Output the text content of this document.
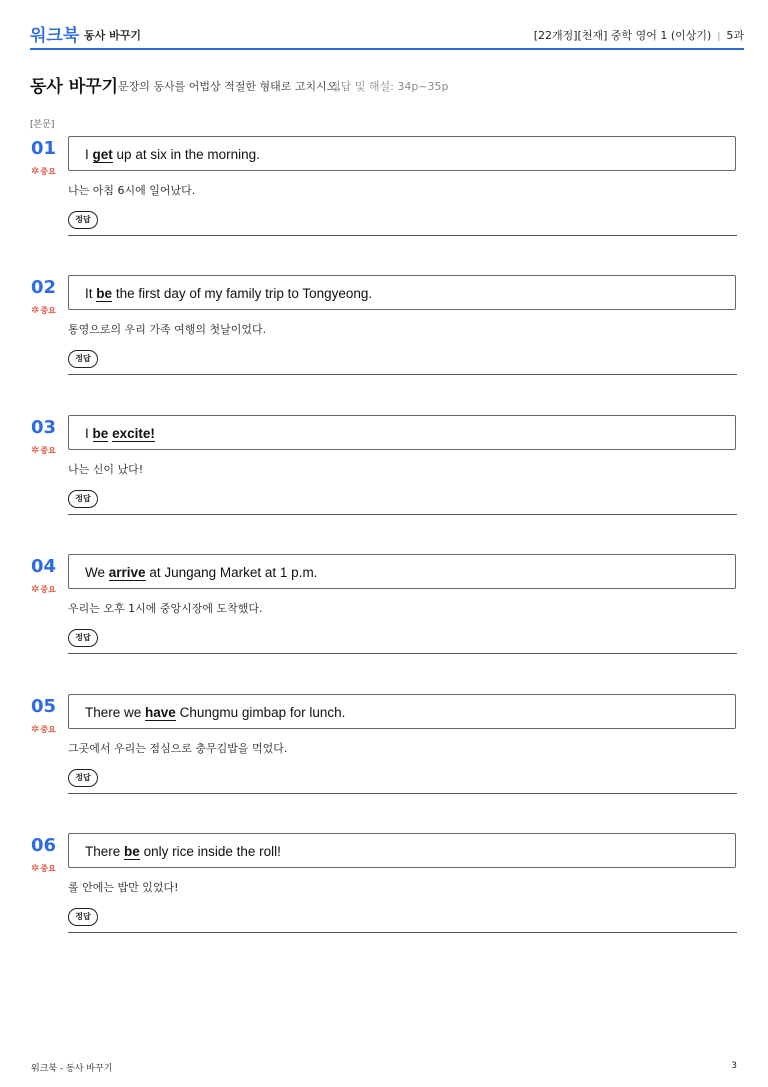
워크북 동사 바꾸기	[22개정][천재] 중학 영어 1 (이상기) | 5과
동사 바꾸기 문장의 동사를 어법상 적절한 형태로 고치시오.
정답 및 해설: 34p~35p
[본문]
01
✲중요
I get up at six in the morning.
나는 아침 6시에 일어났다.
정답
02
✲중요
It be the first day of my family trip to Tongyeong.
통영으로의 우리 가족 여행의 첫날이었다.
정답
03
✲중요
I be excite!
나는 신이 났다!
정답
04
✲중요
We arrive at Jungang Market at 1 p.m.
우리는 오후 1시에 중앙시장에 도착했다.
정답
05
✲중요
There we have Chungmu gimbap for lunch.
그곳에서 우리는 점심으로 충무김밥을 먹었다.
정답
06
✲중요
There be only rice inside the roll!
롤 안에는 밥만 있었다!
정답
워크북 - 동사 바꾸기	3
